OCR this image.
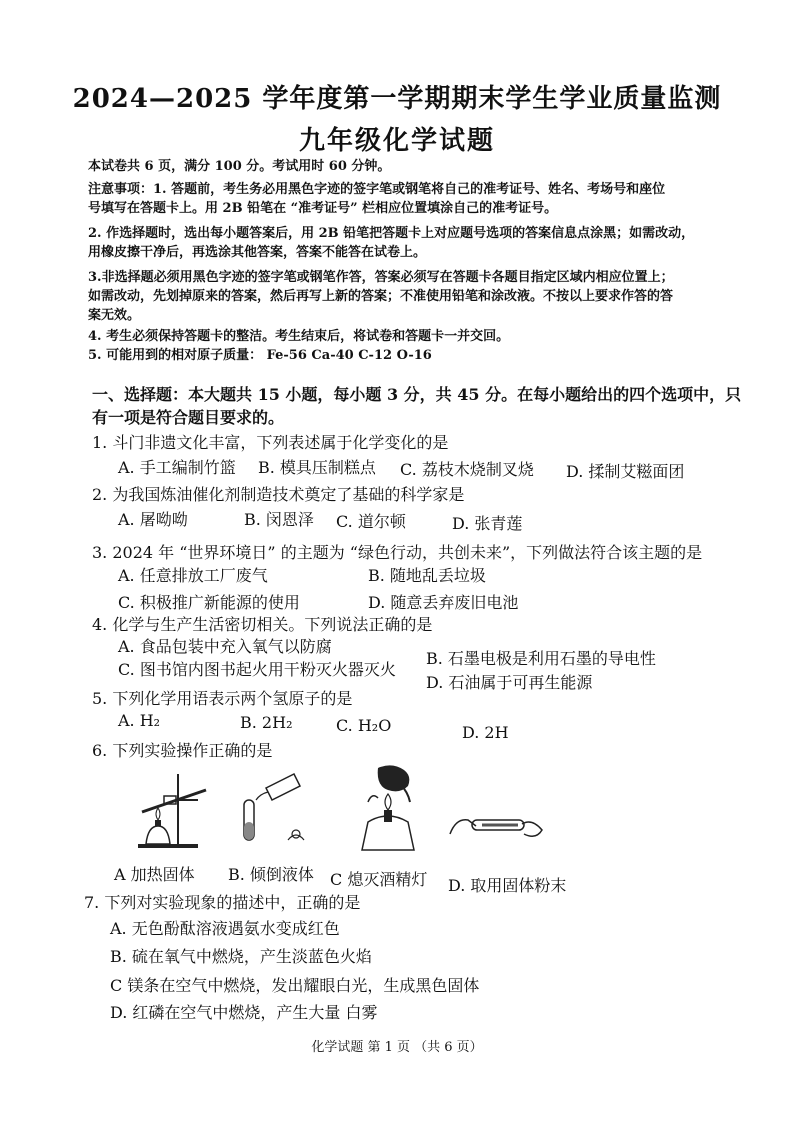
2024—2025 学年度第一学期期末学生学业质量监测
九年级化学试题
本试卷共 6 页，满分 100 分。考试用时 60 分钟。
注意事项：1. 答题前，考生务必用黑色字迹的签字笔或钢笔将自己的准考证号、姓名、考场号和座位
号填写在答题卡上。用 2B 铅笔在 “准考证号” 栏相应位置填涂自己的准考证号。
2. 作选择题时，选出每小题答案后，用 2B 铅笔把答题卡上对应题号选项的答案信息点涂黑；如需改动，
用橡皮擦干净后，再选涂其他答案，答案不能答在试卷上。
3.非选择题必须用黑色字迹的签字笔或钢笔作答，答案必须写在答题卡各题目指定区域内相应位置上；
如需改动，先划掉原来的答案，然后再写上新的答案；不准使用铅笔和涂改液。不按以上要求作答的答
案无效。
4. 考生必须保持答题卡的整洁。考生结束后，将试卷和答题卡一并交回。
5. 可能用到的相对原子质量： Fe-56 Ca-40 C-12 O-16
一、选择题：本大题共 15 小题，每小题 3 分，共 45 分。在每小题给出的四个选项中，只
有一项是符合题目要求的。
1. 斗门非遗文化丰富，下列表述属于化学变化的是
A. 手工编制竹篮 B. 模具压制糕点 C. 荔枝木烧制叉烧 D. 揉制艾糍面团
2. 为我国炼油催化剂制造技术奠定了基础的科学家是
A. 屠呦呦	B. 闵恩泽 C. 道尔顿	D. 张青莲
3. 2024 年 “世界环境日” 的主题为 “绿色行动，共创未来”，下列做法符合该主题的是
A. 任意排放工厂废气	B. 随地乱丢垃圾
C. 积极推广新能源的使用	D. 随意丢弃废旧电池
4. 化学与生产生活密切相关。下列说法正确的是
A. 食品包装中充入氧气以防腐
B. 石墨电极是利用石墨的导电性
C. 图书馆内图书起火用干粉灭火器灭火
D. 石油属于可再生能源
5. 下列化学用语表示两个氢原子的是
A. H₂	B. 2H₂	C. H₂O	D. 2H
6. 下列实验操作正确的是
A 加热固体 B. 倾倒液体 C 熄灭酒精灯 D. 取用固体粉末
7. 下列对实验现象的描述中，正确的是
A. 无色酚酞溶液遇氨水变成红色
B. 硫在氧气中燃烧，产生淡蓝色火焰
C 镁条在空气中燃烧，发出耀眼白光，生成黑色固体
D. 红磷在空气中燃烧，产生大量 白雾
化学试题 第 1 页 （共 6 页）
